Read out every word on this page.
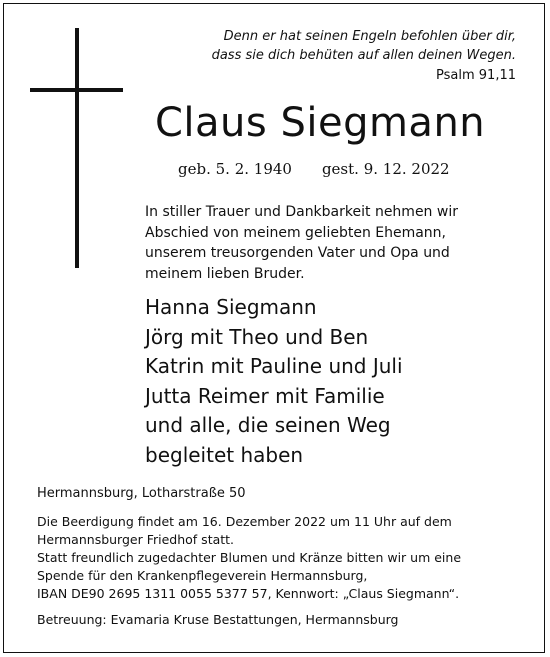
Denn er hat seinen Engeln befohlen über dir,
dass sie dich behüten auf allen deinen Wegen.
Psalm 91,11
Claus Siegmann
geb. 5. 2. 1940 gest. 9. 12. 2022
In stiller Trauer und Dankbarkeit nehmen wir
Abschied von meinem geliebten Ehemann,
unserem treusorgenden Vater und Opa und
meinem lieben Bruder.
Hanna Siegmann
Jörg mit Theo und Ben
Katrin mit Pauline und Juli
Jutta Reimer mit Familie
und alle, die seinen Weg
begleitet haben
Hermannsburg, Lotharstraße 50

Die Beerdigung findet am 16. Dezember 2022 um 11 Uhr auf dem
Hermannsburger Friedhof statt.

Statt freundlich zugedachter Blumen und Kränze bitten wir um eine
Spende für den Krankenpflegeverein Hermannsburg,
IBAN DE90 2695 1311 0055 5377 57, Kennwort: „Claus Siegmann“.

Betreuung: Evamaria Kruse Bestattungen, Hermannsburg
